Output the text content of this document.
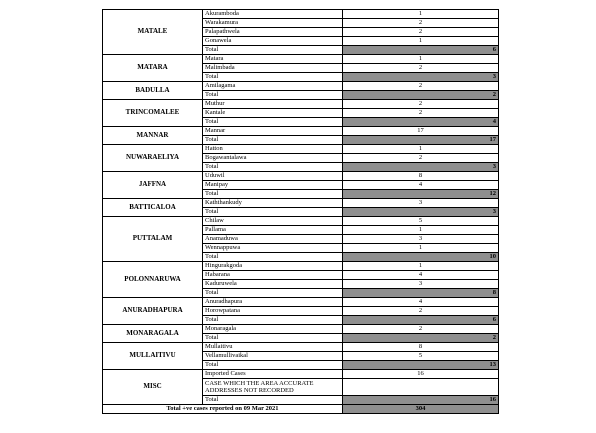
MATALE	Akuramboda	1
	Warakamura	2
	Palapathwela	2
	Gonawela	1
	Total	6
MATARA	Matara	1
	Malimbada	2
	Total	3
BADULLA	Amilagama	2
	Total	2
TRINCOMALEE	Muthur	2
	Kantale	2
	Total	4
MANNAR	Mannar	17
	Total	17
NUWARAELIYA	Hatton	1
	Bogawantalawa	2
	Total	3
JAFFNA	Uduwil	8
	Manipay	4
	Total	12
BATTICALOA	Kaththankudy	3
	Total	3
PUTTALAM	Chilaw	5
	Pallama	1
	Anamaduwa	3
	Wennappuwa	1
	Total	10
POLONNARUWA	Hingurakgoda	1
	Habarana	4
	Kaduruwela	3
	Total	8
ANURADHAPURA	Anuradhapura	4
	Horowpatana	2
	Total	6
MONARAGALA	Monaragala	2
	Total	2
MULLAITIVU	Mullaitivu	8
	Vellamullivaikal	5
	Total	13
MISC	Imported Cases	16
	CASE WHICH THE AREA ACCURATE ADDRESSES NOT RECORDED	
	Total	16
Total +ve cases reported on 09 Mar 2021		304
